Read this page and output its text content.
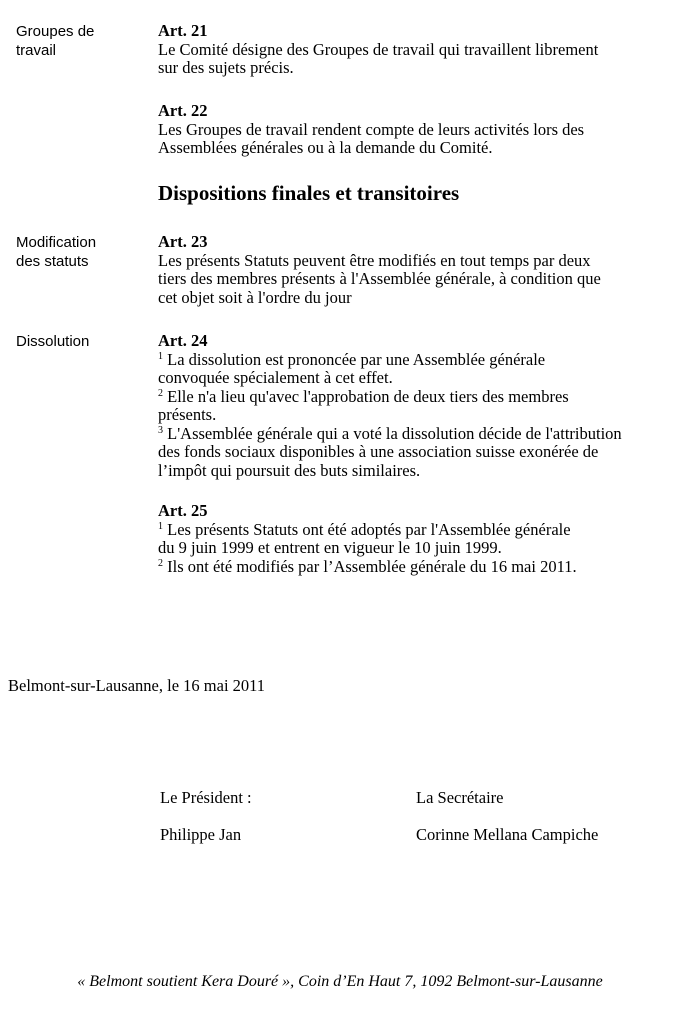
Groupes de
travail
Modification
des statuts
Dissolution
Art. 21
Le Comité désigne des Groupes de travail qui travaillent librement
sur des sujets précis.
Art. 22
Les Groupes de travail rendent compte de leurs activités lors des
Assemblées générales ou à la demande du Comité.
Dispositions finales et transitoires
Art. 23
Les présents Statuts peuvent être modifiés en tout temps par deux
tiers des membres présents à l'Assemblée générale, à condition que
cet objet soit à l'ordre du jour
Art. 24
$^1$ La dissolution est prononcée par une Assemblée générale
convoquée spécialement à cet effet.
$^2$ Elle n'a lieu qu'avec l'approbation de deux tiers des membres
présents.
$^3$ L'Assemblée générale qui a voté la dissolution décide de l'attribution
des fonds sociaux disponibles à une association suisse exonérée de
l’impôt qui poursuit des buts similaires.
Art. 25
$^1$ Les présents Statuts ont été adoptés par l'Assemblée générale
du 9 juin 1999 et entrent en vigueur le 10 juin 1999.
$^2$ Ils ont été modifiés par l’Assemblée générale du 16 mai 2011.
Belmont-sur-Lausanne, le 16 mai 2011
Le Président :
Philippe Jan
La Secrétaire
Corinne Mellana Campiche
« Belmont soutient Kera Douré », Coin d’En Haut 7, 1092 Belmont-sur-Lausanne
